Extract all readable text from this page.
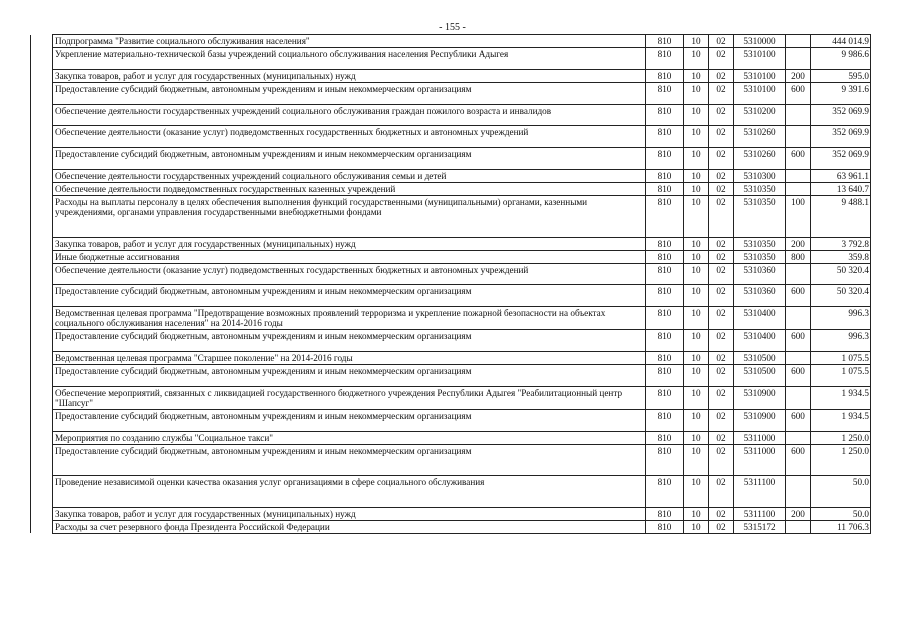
- 155 -
	Подпрограмма "Развитие социального обслуживания населения"	810	10	02	5310000		444 014.9
	Укрепление материально-технической базы учреждений социального обслуживания населения Республики Адыгея	810	10	02	5310100		9 986.6
	Закупка товаров, работ и услуг для государственных (муниципальных) нужд	810	10	02	5310100	200	595.0
	Предоставление субсидий бюджетным, автономным учреждениям и иным некоммерческим организациям	810	10	02	5310100	600	9 391.6
	Обеспечение деятельности государственных учреждений социального обслуживания граждан пожилого возраста и инвалидов	810	10	02	5310200		352 069.9
	Обеспечение деятельности (оказание услуг) подведомственных государственных бюджетных и автономных учреждений	810	10	02	5310260		352 069.9
	Предоставление субсидий бюджетным, автономным учреждениям и иным некоммерческим организациям	810	10	02	5310260	600	352 069.9
	Обеспечение деятельности государственных учреждений социального обслуживания семьи и детей	810	10	02	5310300		63 961.1
	Обеспечение деятельности подведомственных государственных казенных учреждений	810	10	02	5310350		13 640.7
	Расходы на выплаты персоналу в целях обеспечения выполнения функций государственными (муниципальными) органами, казенными учреждениями, органами управления государственными внебюджетными фондами	810	10	02	5310350	100	9 488.1
	Закупка товаров, работ и услуг для государственных (муниципальных) нужд	810	10	02	5310350	200	3 792.8
	Иные бюджетные ассигнования	810	10	02	5310350	800	359.8
	Обеспечение деятельности (оказание услуг) подведомственных государственных бюджетных и автономных учреждений	810	10	02	5310360		50 320.4
	Предоставление субсидий бюджетным, автономным учреждениям и иным некоммерческим организациям	810	10	02	5310360	600	50 320.4
	Ведомственная целевая программа "Предотвращение возможных проявлений терроризма и укрепление пожарной безопасности на объектах социального обслуживания населения" на 2014-2016 годы	810	10	02	5310400		996.3
	Предоставление субсидий бюджетным, автономным учреждениям и иным некоммерческим организациям	810	10	02	5310400	600	996.3
	Ведомственная целевая программа "Старшее поколение" на 2014-2016 годы	810	10	02	5310500		1 075.5
	Предоставление субсидий бюджетным, автономным учреждениям и иным некоммерческим организациям	810	10	02	5310500	600	1 075.5
	Обеспечение мероприятий, связанных с ликвидацией государственного бюджетного учреждения Республики Адыгея "Реабилитационный центр "Шапсуг"	810	10	02	5310900		1 934.5
	Предоставление субсидий бюджетным, автономным учреждениям и иным некоммерческим организациям	810	10	02	5310900	600	1 934.5
	Мероприятия по созданию службы "Социальное такси"	810	10	02	5311000		1 250.0
	Предоставление субсидий бюджетным, автономным учреждениям и иным некоммерческим организациям	810	10	02	5311000	600	1 250.0
	Проведение независимой оценки качества оказания услуг организациями в сфере социального обслуживания	810	10	02	5311100		50.0
	Закупка товаров, работ и услуг для государственных (муниципальных) нужд	810	10	02	5311100	200	50.0
	Расходы за счет резервного фонда Президента Российской Федерации	810	10	02	5315172		11 706.3
